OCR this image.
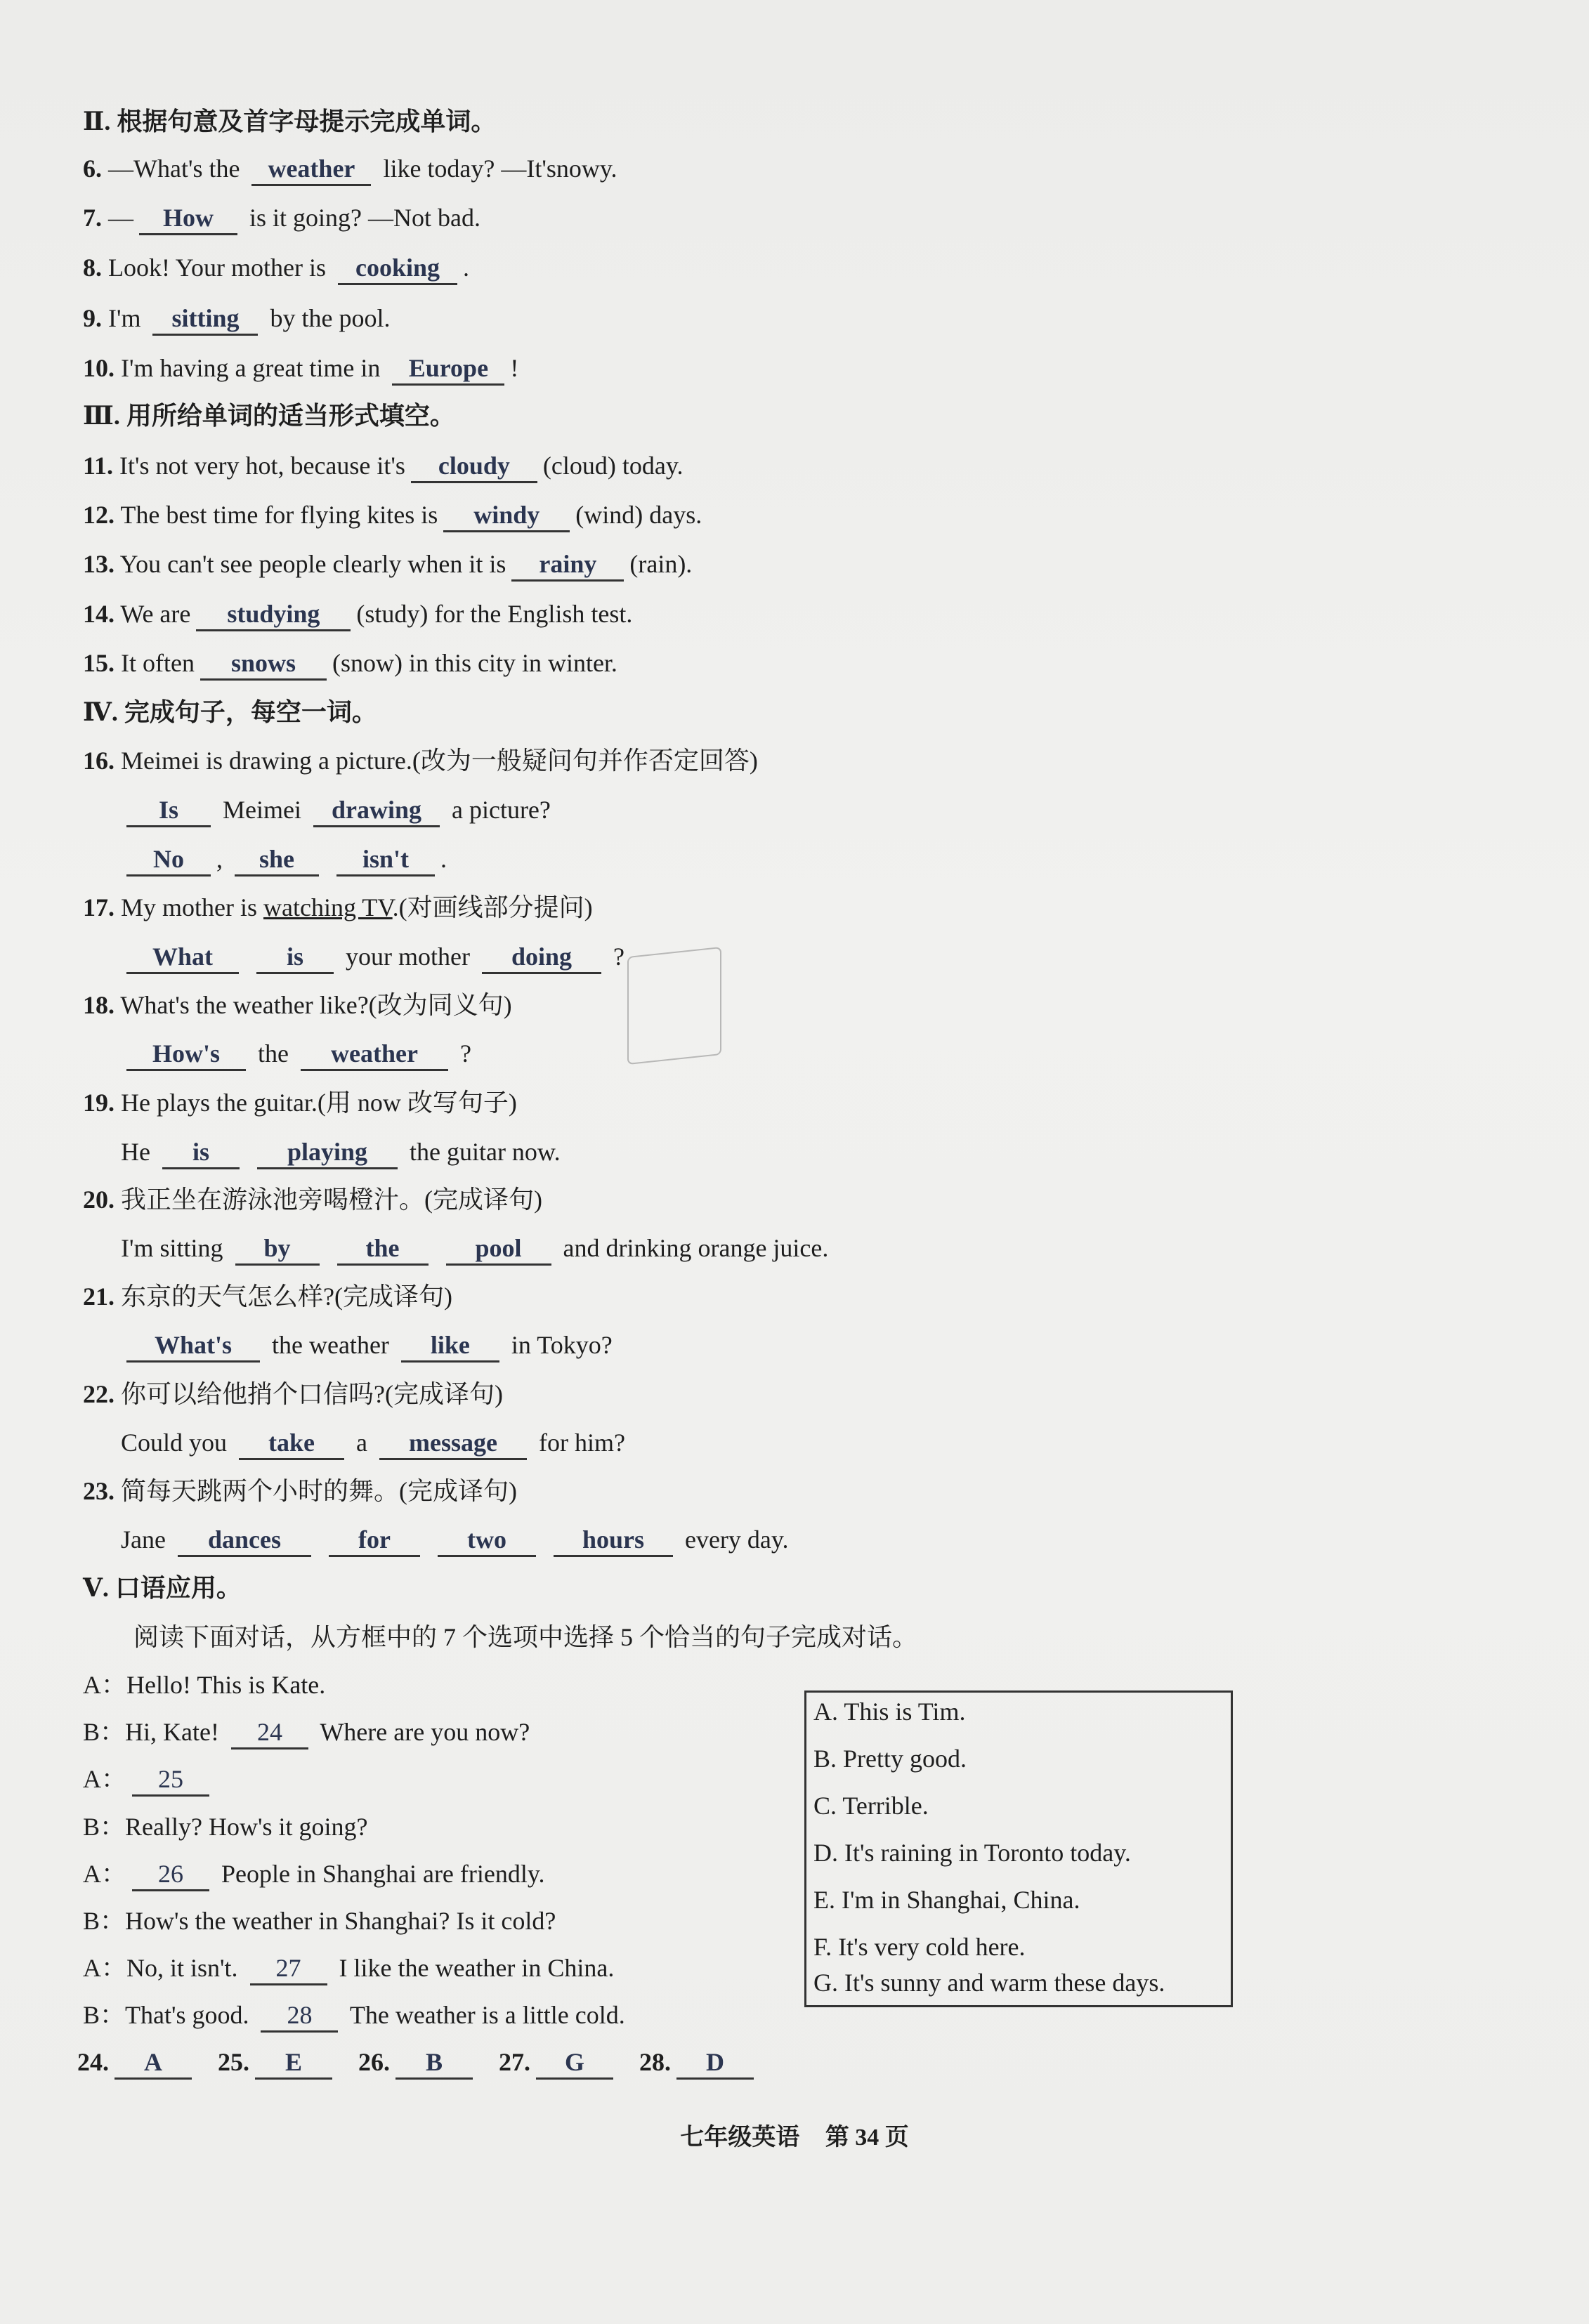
Ⅱ. 根据句意及首字母提示完成单词。
6. —What's the weather like today? —It'snowy.
7. — How is it going? —Not bad.
8. Look! Your mother is cooking .
9. I'm sitting by the pool.
10. I'm having a great time in Europe !
Ⅲ. 用所给单词的适当形式填空。
11. It's not very hot, because it's cloudy (cloud) today.
12. The best time for flying kites is windy (wind) days.
13. You can't see people clearly when it is rainy (rain).
14. We are studying (study) for the English test.
15. It often snows (snow) in this city in winter.
Ⅳ. 完成句子，每空一词。
16. Meimei is drawing a picture.(改为一般疑问句并作否定回答)
Is Meimei drawing a picture?
No , she	isn't .
17. My mother is watching TV.(对画线部分提问)
What	is your mother doing ?
18. What's the weather like?(改为同义句)
How's the weather ?
19. He plays the guitar.(用 now 改写句子)
He is	playing the guitar now.
20. 我正坐在游泳池旁喝橙汁。(完成译句)
I'm sitting by	the	pool and drinking orange juice.
21. 东京的天气怎么样?(完成译句)
What's the weather like in Tokyo?
22. 你可以给他捎个口信吗?(完成译句)
Could you take a message for him?
23. 简每天跳两个小时的舞。(完成译句)
Jane dances	for	two	hours every day.
Ⅴ. 口语应用。
阅读下面对话，从方框中的 7 个选项中选择 5 个恰当的句子完成对话。
A：Hello! This is Kate.
B：Hi, Kate! 24 Where are you now?
A： 25
B：Really? How's it going?
A： 26 People in Shanghai are friendly.
B：How's the weather in Shanghai? Is it cold?
A：No, it isn't. 27 I like the weather in China.
B：That's good. 28 The weather is a little cold.
A. This is Tim.
B. Pretty good.
C. Terrible.
D. It's raining in Toronto today.
E. I'm in Shanghai, China.
F. It's very cold here.
G. It's sunny and warm these days.
24. A 25. E 26. B 27. G 28. D
七年级英语 第 34 页
